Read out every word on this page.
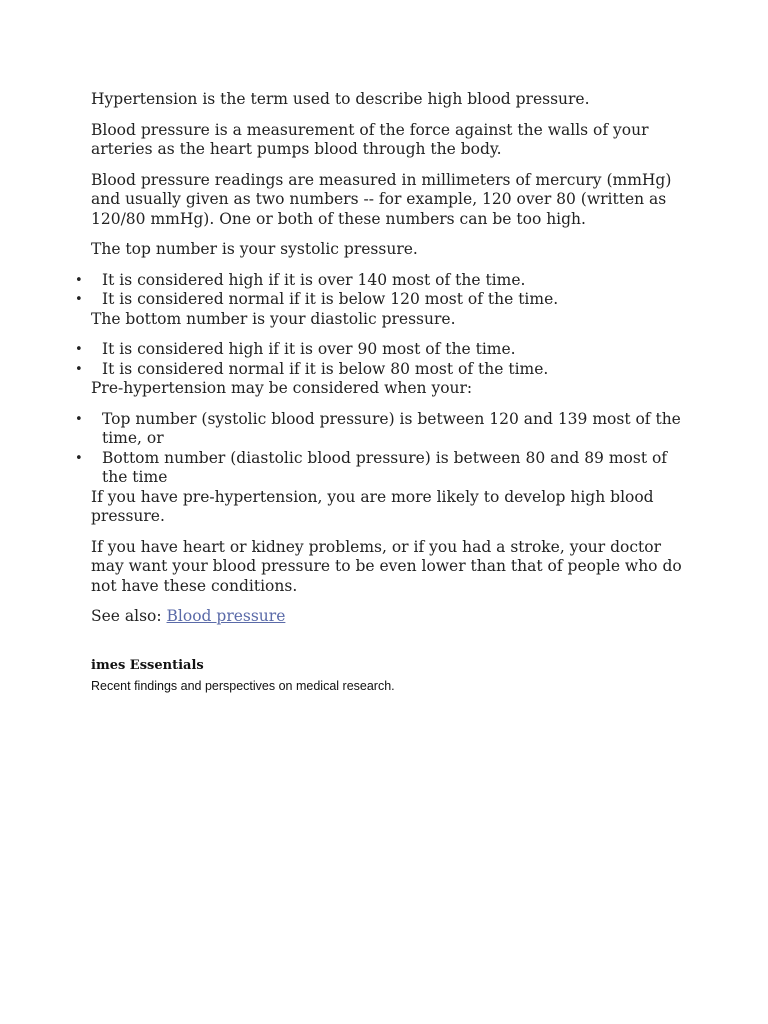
Hypertension is the term used to describe high blood pressure.

Blood pressure is a measurement of the force against the walls of your arteries as the heart pumps blood through the body.

Blood pressure readings are measured in millimeters of mercury (mmHg) and usually given as two numbers -- for example, 120 over 80 (written as 120/80 mmHg). One or both of these numbers can be too high.

The top number is your systolic pressure.

• It is considered high if it is over 140 most of the time.
• It is considered normal if it is below 120 most of the time.

The bottom number is your diastolic pressure.

• It is considered high if it is over 90 most of the time.
• It is considered normal if it is below 80 most of the time.

Pre-hypertension may be considered when your:

• Top number (systolic blood pressure) is between 120 and 139 most of the time, or
• Bottom number (diastolic blood pressure) is between 80 and 89 most of the time

If you have pre-hypertension, you are more likely to develop high blood pressure.

If you have heart or kidney problems, or if you had a stroke, your doctor may want your blood pressure to be even lower than that of people who do not have these conditions.

See also: Blood pressure

imes Essentials

Recent findings and perspectives on medical research.
